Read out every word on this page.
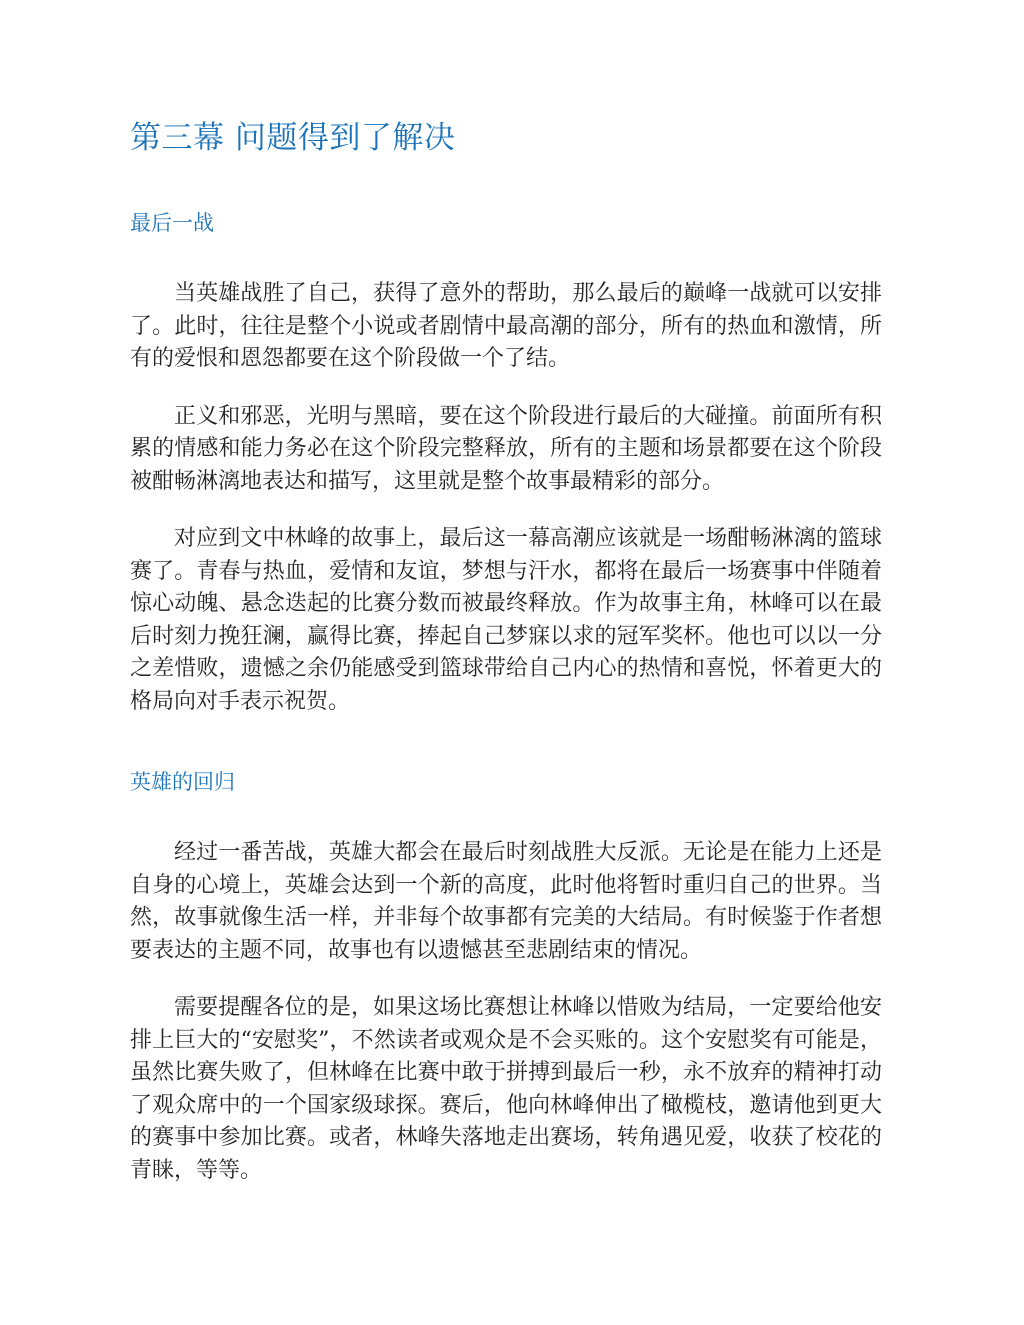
第三幕 问题得到了解决
最后一战

当英雄战胜了自己，获得了意外的帮助，那么最后的巅峰一战就可以安排了。此时，往往是整个小说或者剧情中最高潮的部分，所有的热血和激情，所有的爱恨和恩怨都要在这个阶段做一个了结。

正义和邪恶，光明与黑暗，要在这个阶段进行最后的大碰撞。前面所有积累的情感和能力务必在这个阶段完整释放，所有的主题和场景都要在这个阶段被酣畅淋漓地表达和描写，这里就是整个故事最精彩的部分。

对应到文中林峰的故事上，最后这一幕高潮应该就是一场酣畅淋漓的篮球赛了。青春与热血，爱情和友谊，梦想与汗水，都将在最后一场赛事中伴随着惊心动魄、悬念迭起的比赛分数而被最终释放。作为故事主角，林峰可以在最后时刻力挽狂澜，赢得比赛，捧起自己梦寐以求的冠军奖杯。他也可以以一分之差惜败，遗憾之余仍能感受到篮球带给自己内心的热情和喜悦，怀着更大的格局向对手表示祝贺。

英雄的回归

经过一番苦战，英雄大都会在最后时刻战胜大反派。无论是在能力上还是自身的心境上，英雄会达到一个新的高度，此时他将暂时重归自己的世界。当然，故事就像生活一样，并非每个故事都有完美的大结局。有时候鉴于作者想要表达的主题不同，故事也有以遗憾甚至悲剧结束的情况。

需要提醒各位的是，如果这场比赛想让林峰以惜败为结局，一定要给他安排上巨大的“安慰奖”，不然读者或观众是不会买账的。这个安慰奖有可能是，虽然比赛失败了，但林峰在比赛中敢于拼搏到最后一秒，永不放弃的精神打动了观众席中的一个国家级球探。赛后，他向林峰伸出了橄榄枝，邀请他到更大的赛事中参加比赛。或者，林峰失落地走出赛场，转角遇见爱，收获了校花的青睐，等等。
